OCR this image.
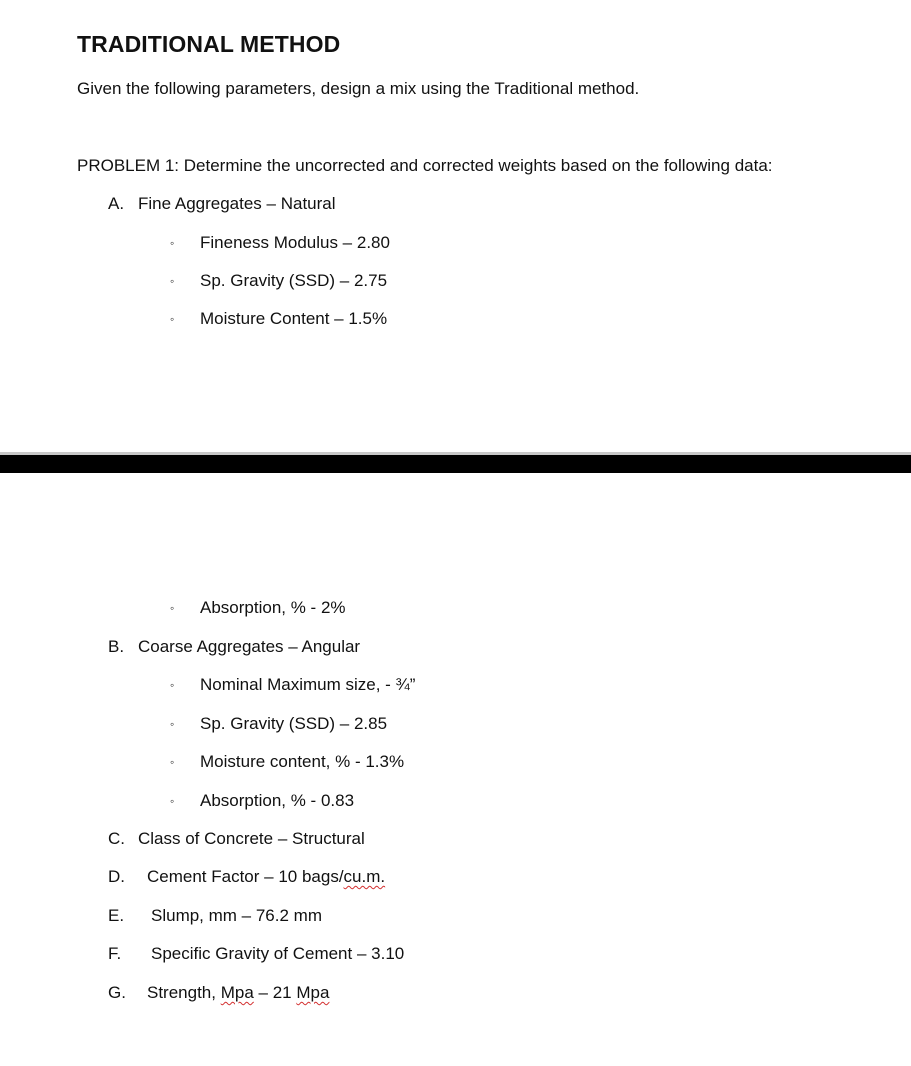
TRADITIONAL METHOD
Given the following parameters, design a mix using the Traditional method.
PROBLEM 1: Determine the uncorrected and corrected weights based on the following data:
A. Fine Aggregates – Natural
◦ Fineness Modulus – 2.80
◦ Sp. Gravity (SSD) – 2.75
◦ Moisture Content – 1.5%
◦ Absorption, % - 2%
B. Coarse Aggregates – Angular
◦ Nominal Maximum size, - ¾”
◦ Sp. Gravity (SSD) – 2.85
◦ Moisture content, % - 1.3%
◦ Absorption, % - 0.83
C. Class of Concrete – Structural
D. Cement Factor – 10 bags/cu.m.
E. Slump, mm – 76.2 mm
F. Specific Gravity of Cement – 3.10
G. Strength, Mpa – 21 Mpa
